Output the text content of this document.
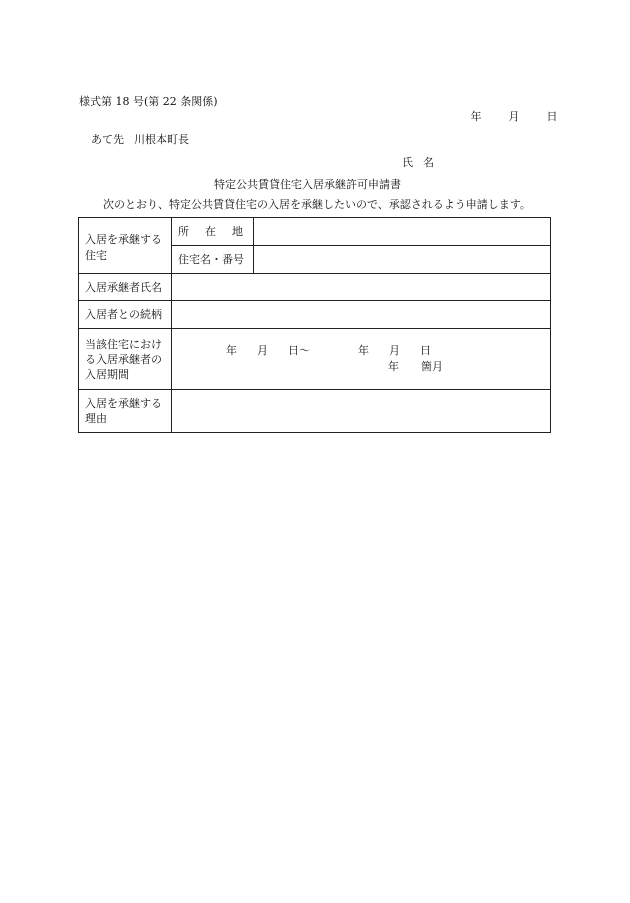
様式第 18 号(第 22 条関係)
年 月 日
あて先 川根本町長
氏 名
特定公共賃貸住宅入居承継許可申請書
次のとおり、特定公共賃貸住宅の入居を承継したいので、承認されるよう申請します。
入居を承継する住宅	所 在 地	
	住宅名・番号	
入居承継者氏名		
入居者との続柄		
当該住宅における入居承継者の入居期間	年 月 日～ 年 月 日
年 箇月	

入居を承継する理由		
